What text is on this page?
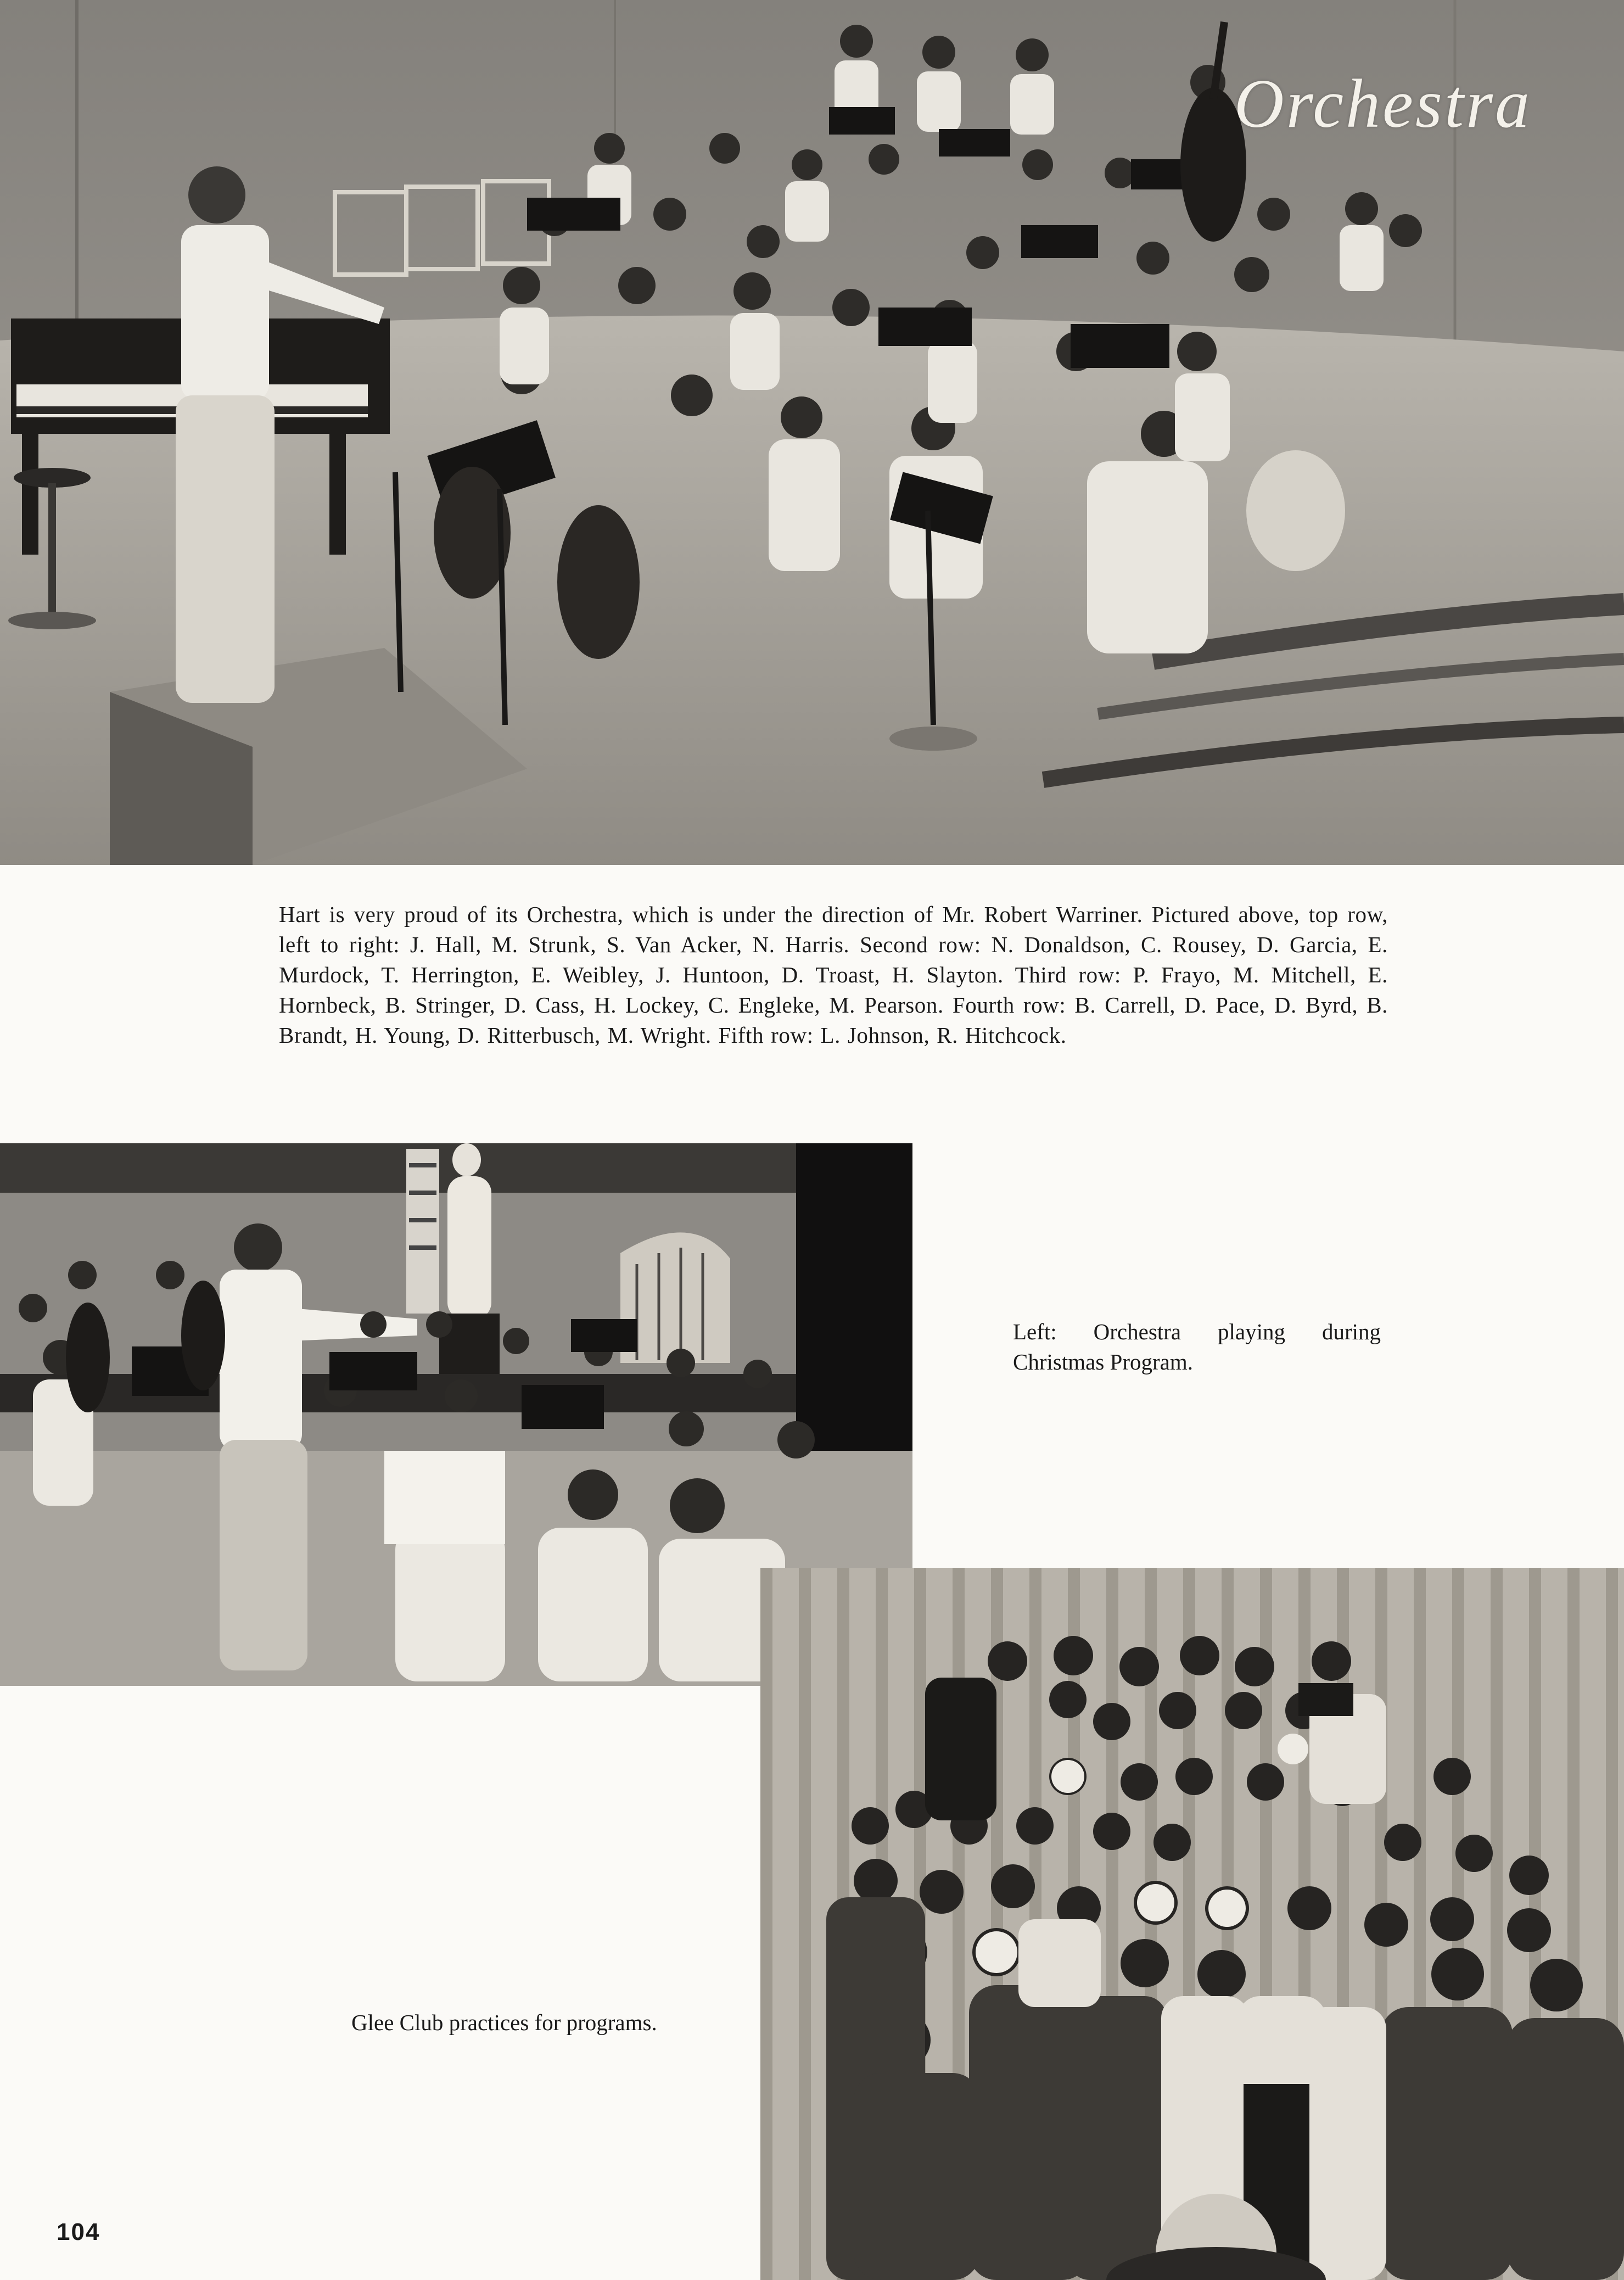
Orchestra
Hart is very proud of its Orchestra, which is under the direction of Mr. Robert Warriner. Pictured above, top row, left to right: J. Hall, M. Strunk, S. Van Acker, N. Harris. Second row: N. Donaldson, C. Rousey, D. Garcia, E. Murdock, T. Herrington, E. Weibley, J. Huntoon, D. Troast, H. Slayton. Third row: P. Frayo, M. Mitchell, E. Hornbeck, B. Stringer, D. Cass, H. Lockey, C. Engleke, M. Pearson. Fourth row: B. Carrell, D. Pace, D. Byrd, B. Brandt, H. Young, D. Ritterbusch, M. Wright. Fifth row: L. Johnson, R. Hitchcock.
Left: Orchestra playing during Christmas Program.
Glee Club practices for programs.
104
